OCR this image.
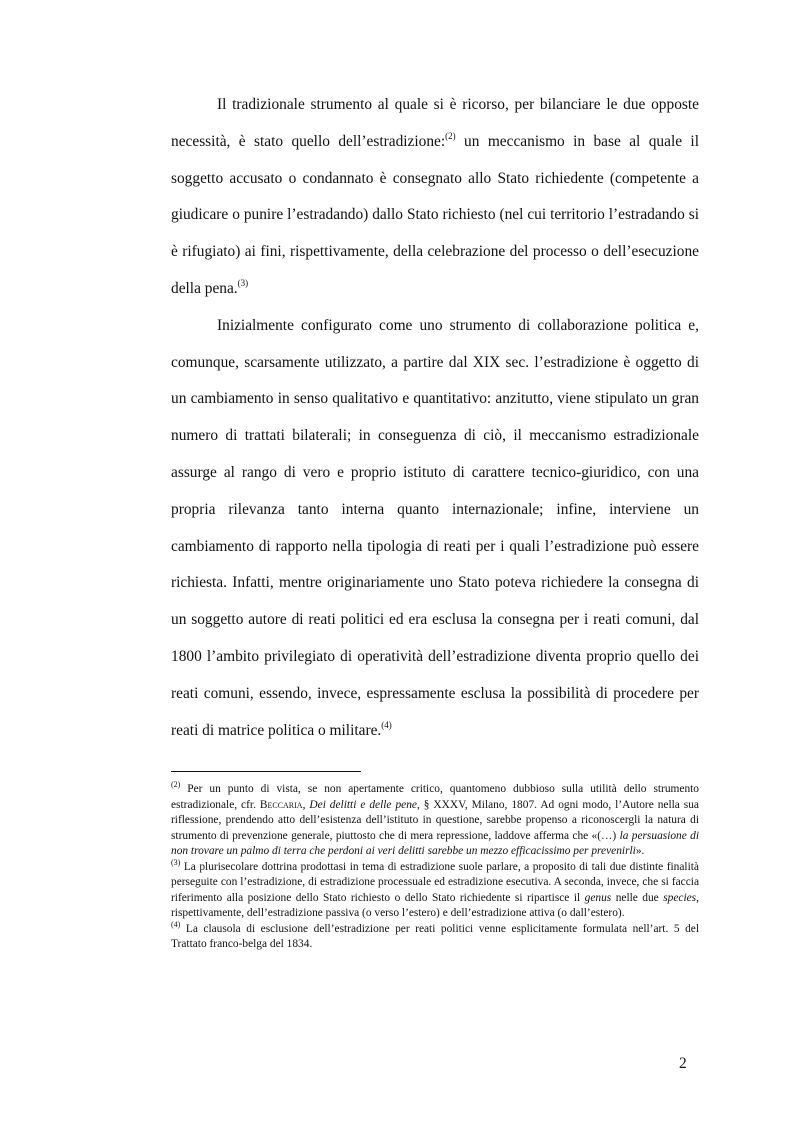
Il tradizionale strumento al quale si è ricorso, per bilanciare le due opposte necessità, è stato quello dell’estradizione:$^{(2)}$ un meccanismo in base al quale il soggetto accusato o condannato è consegnato allo Stato richiedente (competente a giudicare o punire l’estradando) dallo Stato richiesto (nel cui territorio l’estradando si è rifugiato) ai fini, rispettivamente, della celebrazione del processo o dell’esecuzione della pena.$^{(3)}$

Inizialmente configurato come uno strumento di collaborazione politica e, comunque, scarsamente utilizzato, a partire dal XIX sec. l’estradizione è oggetto di un cambiamento in senso qualitativo e quantitativo: anzitutto, viene stipulato un gran numero di trattati bilaterali; in conseguenza di ciò, il meccanismo estradizionale assurge al rango di vero e proprio istituto di carattere tecnico-giuridico, con una propria rilevanza tanto interna quanto internazionale; infine, interviene un cambiamento di rapporto nella tipologia di reati per i quali l’estradizione può essere richiesta. Infatti, mentre originariamente uno Stato poteva richiedere la consegna di un soggetto autore di reati politici ed era esclusa la consegna per i reati comuni, dal 1800 l’ambito privilegiato di operatività dell’estradizione diventa proprio quello dei reati comuni, essendo, invece, espressamente esclusa la possibilità di procedere per reati di matrice politica o militare.$^{(4)}$

$^{(2)}$ Per un punto di vista, se non apertamente critico, quantomeno dubbioso sulla utilità dello strumento estradizionale, cfr. Beccaria, Dei delitti e delle pene, § XXXV, Milano, 1807. Ad ogni modo, l’Autore nella sua riflessione, prendendo atto dell’esistenza dell’istituto in questione, sarebbe propenso a riconoscergli la natura di strumento di prevenzione generale, piuttosto che di mera repressione, laddove afferma che «(…) la persuasione di non trovare un palmo di terra che perdoni ai veri delitti sarebbe un mezzo efficacissimo per prevenirli».

$^{(3)}$ La plurisecolare dottrina prodottasi in tema di estradizione suole parlare, a proposito di tali due distinte finalità perseguite con l’estradizione, di estradizione processuale ed estradizione esecutiva. A seconda, invece, che si faccia riferimento alla posizione dello Stato richiesto o dello Stato richiedente si ripartisce il genus nelle due species, rispettivamente, dell’estradizione passiva (o verso l’estero) e dell’estradizione attiva (o dall’estero).

$^{(4)}$ La clausola di esclusione dell’estradizione per reati politici venne esplicitamente formulata nell’art. 5 del Trattato franco-belga del 1834.

2
